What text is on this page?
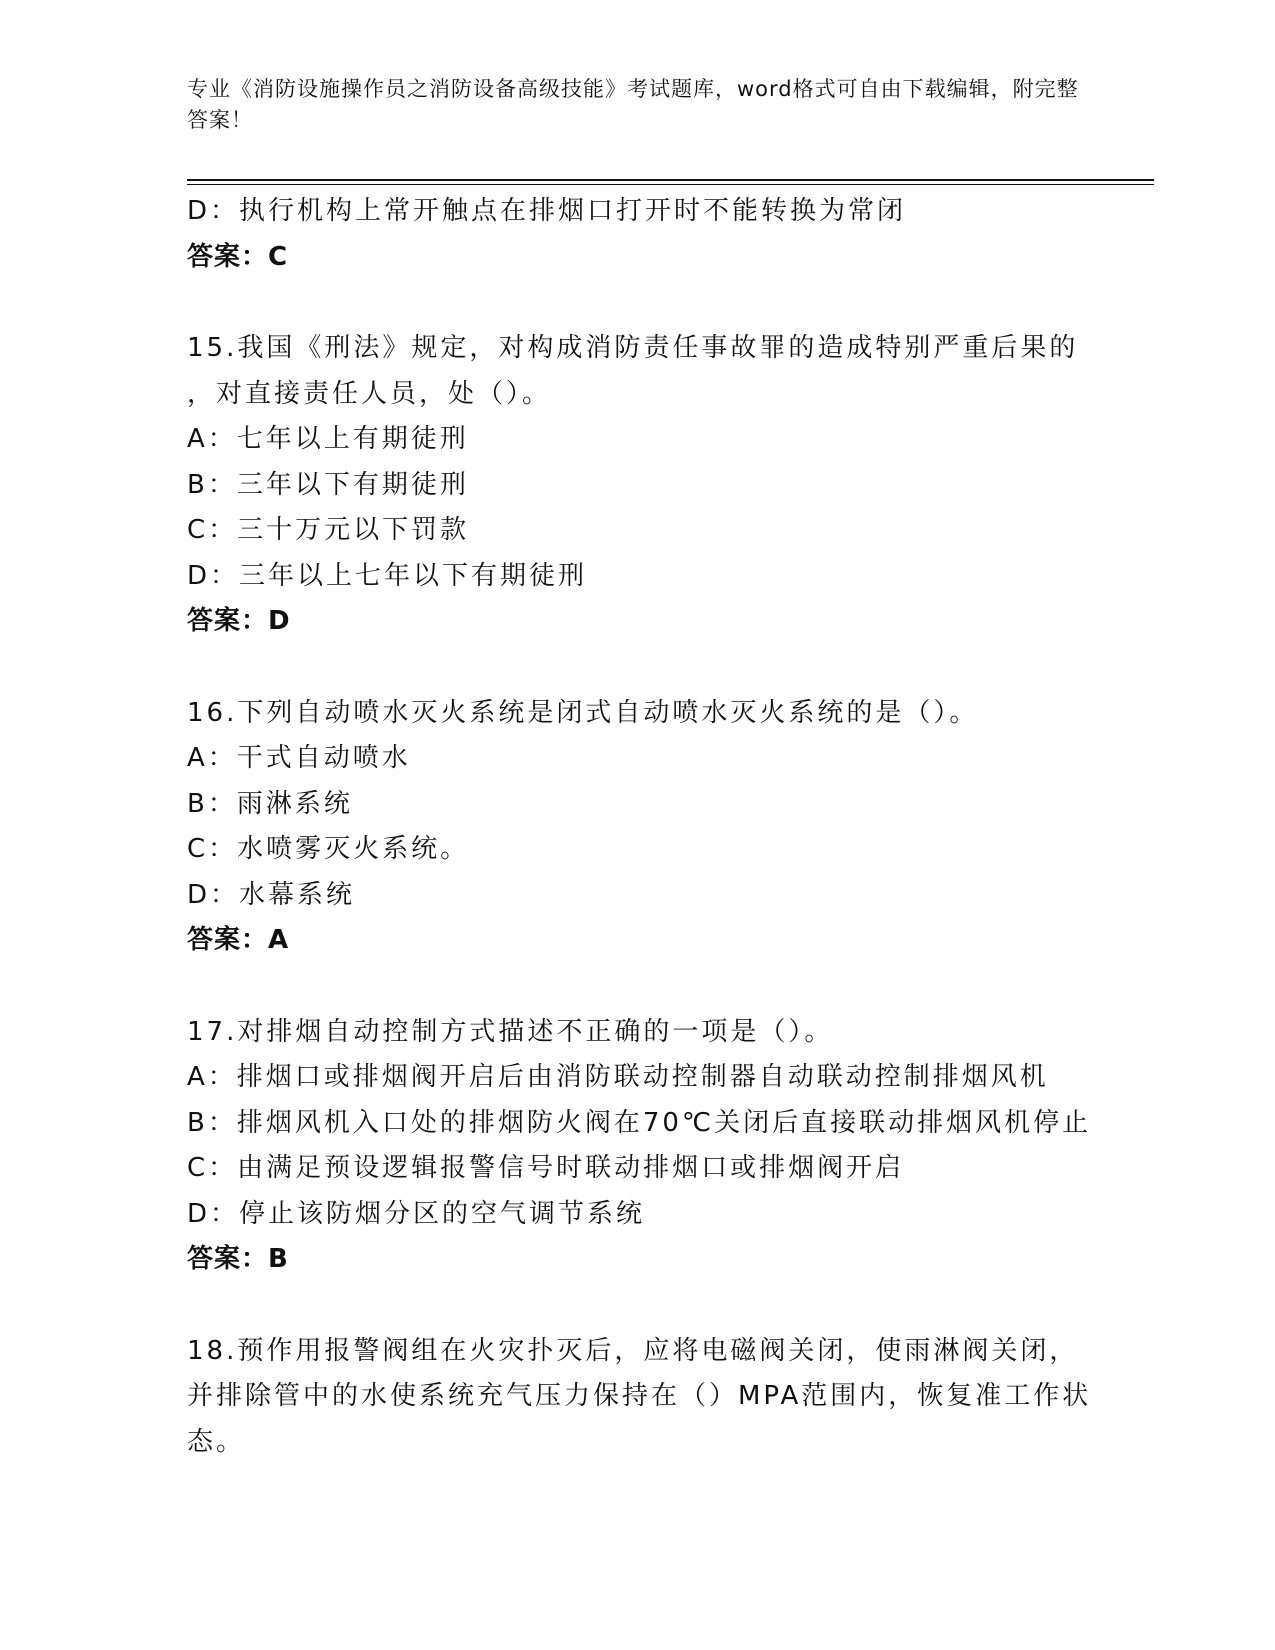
专业《消防设施操作员之消防设备高级技能》考试题库，word格式可自由下载编辑，附完整答案！
D：执行机构上常开触点在排烟口打开时不能转换为常闭
答案：C
15.我国《刑法》规定，对构成消防责任事故罪的造成特别严重后果的
，对直接责任人员，处（）。
A：七年以上有期徒刑
B：三年以下有期徒刑
C：三十万元以下罚款
D：三年以上七年以下有期徒刑
答案：D
16.下列自动喷水灭火系统是闭式自动喷水灭火系统的是（）。
A：干式自动喷水
B：雨淋系统
C：水喷雾灭火系统。
D：水幕系统
答案：A
17.对排烟自动控制方式描述不正确的一项是（）。
A：排烟口或排烟阀开启后由消防联动控制器自动联动控制排烟风机
B：排烟风机入口处的排烟防火阀在70℃关闭后直接联动排烟风机停止
C：由满足预设逻辑报警信号时联动排烟口或排烟阀开启
D：停止该防烟分区的空气调节系统
答案：B
18.预作用报警阀组在火灾扑灭后，应将电磁阀关闭，使雨淋阀关闭，
并排除管中的水使系统充气压力保持在（）MPA范围内，恢复准工作状
态。
